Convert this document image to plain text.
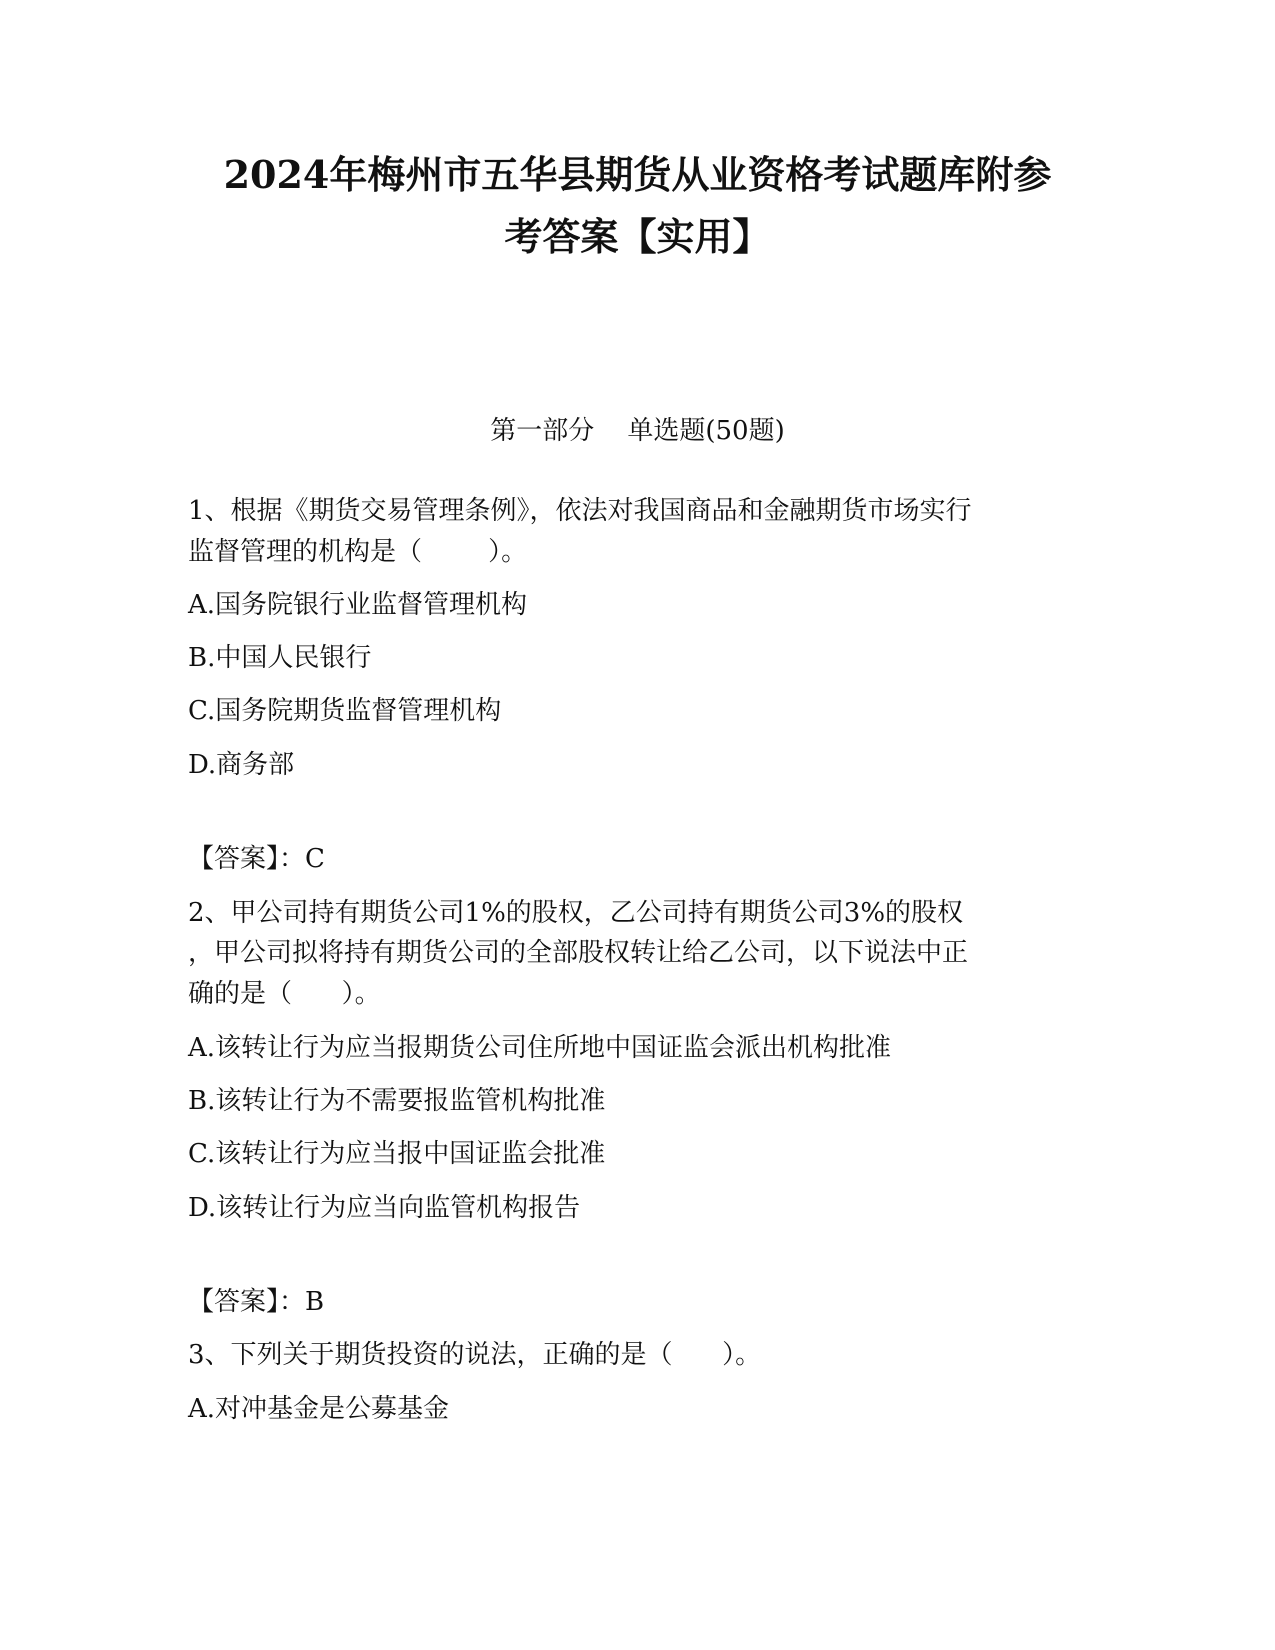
2024年梅州市五华县期货从业资格考试题库附参
考答案【实用】
第一部分    单选题(50题)
1、根据《期货交易管理条例》，依法对我国商品和金融期货市场实行
监督管理的机构是（        ）。
A.国务院银行业监督管理机构
B.中国人民银行
C.国务院期货监督管理机构
D.商务部
【答案】：C
2、甲公司持有期货公司1%的股权，乙公司持有期货公司3%的股权
，甲公司拟将持有期货公司的全部股权转让给乙公司，以下说法中正
确的是（      ）。
A.该转让行为应当报期货公司住所地中国证监会派出机构批准
B.该转让行为不需要报监管机构批准
C.该转让行为应当报中国证监会批准
D.该转让行为应当向监管机构报告
【答案】：B
3、下列关于期货投资的说法，正确的是（      ）。
A.对冲基金是公募基金
